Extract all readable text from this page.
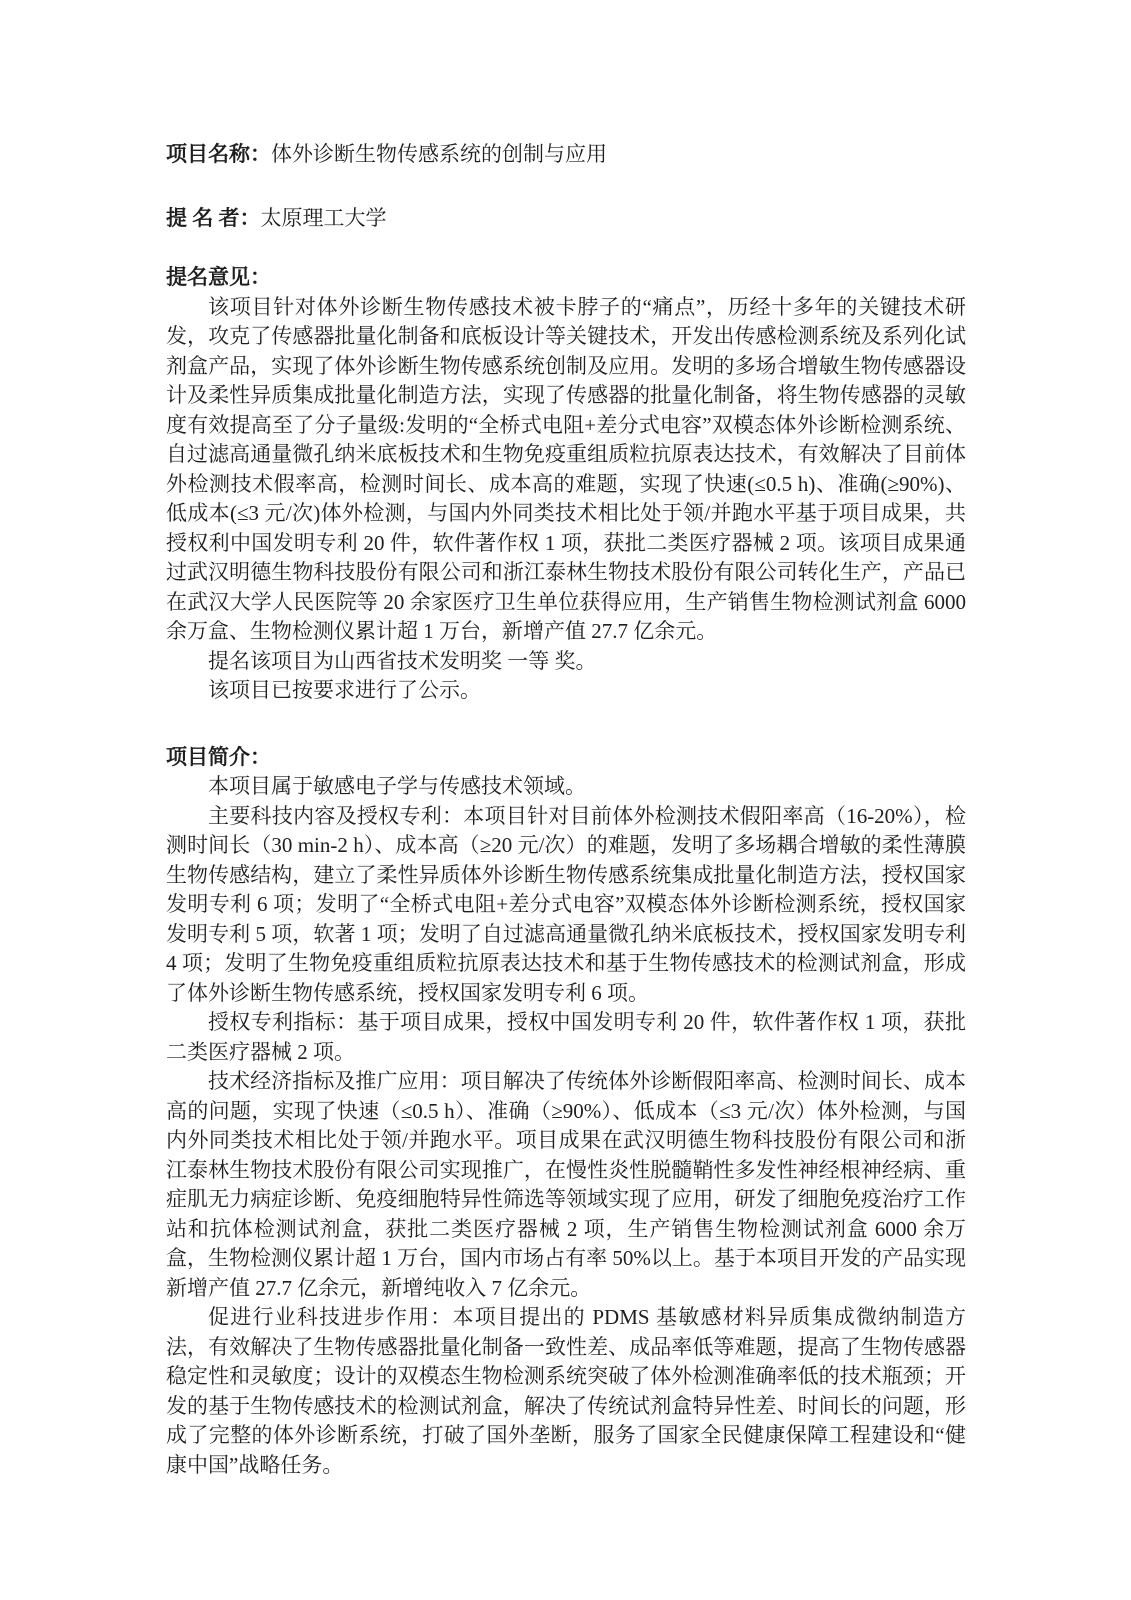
项目名称：体外诊断生物传感系统的创制与应用

提 名 者：太原理工大学

提名意见：

该项目针对体外诊断生物传感技术被卡脖子的“痛点”，历经十多年的关键技术研发，攻克了传感器批量化制备和底板设计等关键技术，开发出传感检测系统及系列化试剂盒产品，实现了体外诊断生物传感系统创制及应用。发明的多场合增敏生物传感器设计及柔性异质集成批量化制造方法，实现了传感器的批量化制备，将生物传感器的灵敏度有效提高至了分子量级:发明的“全桥式电阻+差分式电容”双模态体外诊断检测系统、自过滤高通量微孔纳米底板技术和生物免疫重组质粒抗原表达技术，有效解决了目前体外检测技术假率高，检测时间长、成本高的难题，实现了快速(≤0.5 h)、准确(≥90%)、低成本(≤3 元/次)体外检测，与国内外同类技术相比处于领/并跑水平基于项目成果，共授权利中国发明专利 20 件，软件著作权 1 项，获批二类医疗器械 2 项。该项目成果通过武汉明德生物科技股份有限公司和浙江泰林生物技术股份有限公司转化生产，产品已在武汉大学人民医院等 20 余家医疗卫生单位获得应用，生产销售生物检测试剂盒 6000 余万盒、生物检测仪累计超 1 万台，新增产值 27.7 亿余元。

提名该项目为山西省技术发明奖 一等 奖。

该项目已按要求进行了公示。

项目简介：

本项目属于敏感电子学与传感技术领域。

主要科技内容及授权专利：本项目针对目前体外检测技术假阳率高（16-20%），检测时间长（30 min-2 h）、成本高（≥20 元/次）的难题，发明了多场耦合增敏的柔性薄膜生物传感结构，建立了柔性异质体外诊断生物传感系统集成批量化制造方法，授权国家发明专利 6 项；发明了“全桥式电阻+差分式电容”双模态体外诊断检测系统，授权国家发明专利 5 项，软著 1 项；发明了自过滤高通量微孔纳米底板技术，授权国家发明专利 4 项；发明了生物免疫重组质粒抗原表达技术和基于生物传感技术的检测试剂盒，形成了体外诊断生物传感系统，授权国家发明专利 6 项。

授权专利指标：基于项目成果，授权中国发明专利 20 件，软件著作权 1 项，获批二类医疗器械 2 项。

技术经济指标及推广应用：项目解决了传统体外诊断假阳率高、检测时间长、成本高的问题，实现了快速（≤0.5 h）、准确（≥90%）、低成本（≤3 元/次）体外检测，与国内外同类技术相比处于领/并跑水平。项目成果在武汉明德生物科技股份有限公司和浙江泰林生物技术股份有限公司实现推广，在慢性炎性脱髓鞘性多发性神经根神经病、重症肌无力病症诊断、免疫细胞特异性筛选等领域实现了应用，研发了细胞免疫治疗工作站和抗体检测试剂盒，获批二类医疗器械 2 项，生产销售生物检测试剂盒 6000 余万盒，生物检测仪累计超 1 万台，国内市场占有率 50%以上。基于本项目开发的产品实现新增产值 27.7 亿余元，新增纯收入 7 亿余元。

促进行业科技进步作用：本项目提出的 PDMS 基敏感材料异质集成微纳制造方法，有效解决了生物传感器批量化制备一致性差、成品率低等难题，提高了生物传感器稳定性和灵敏度；设计的双模态生物检测系统突破了体外检测准确率低的技术瓶颈；开发的基于生物传感技术的检测试剂盒，解决了传统试剂盒特异性差、时间长的问题，形成了完整的体外诊断系统，打破了国外垄断，服务了国家全民健康保障工程建设和“健康中国”战略任务。
